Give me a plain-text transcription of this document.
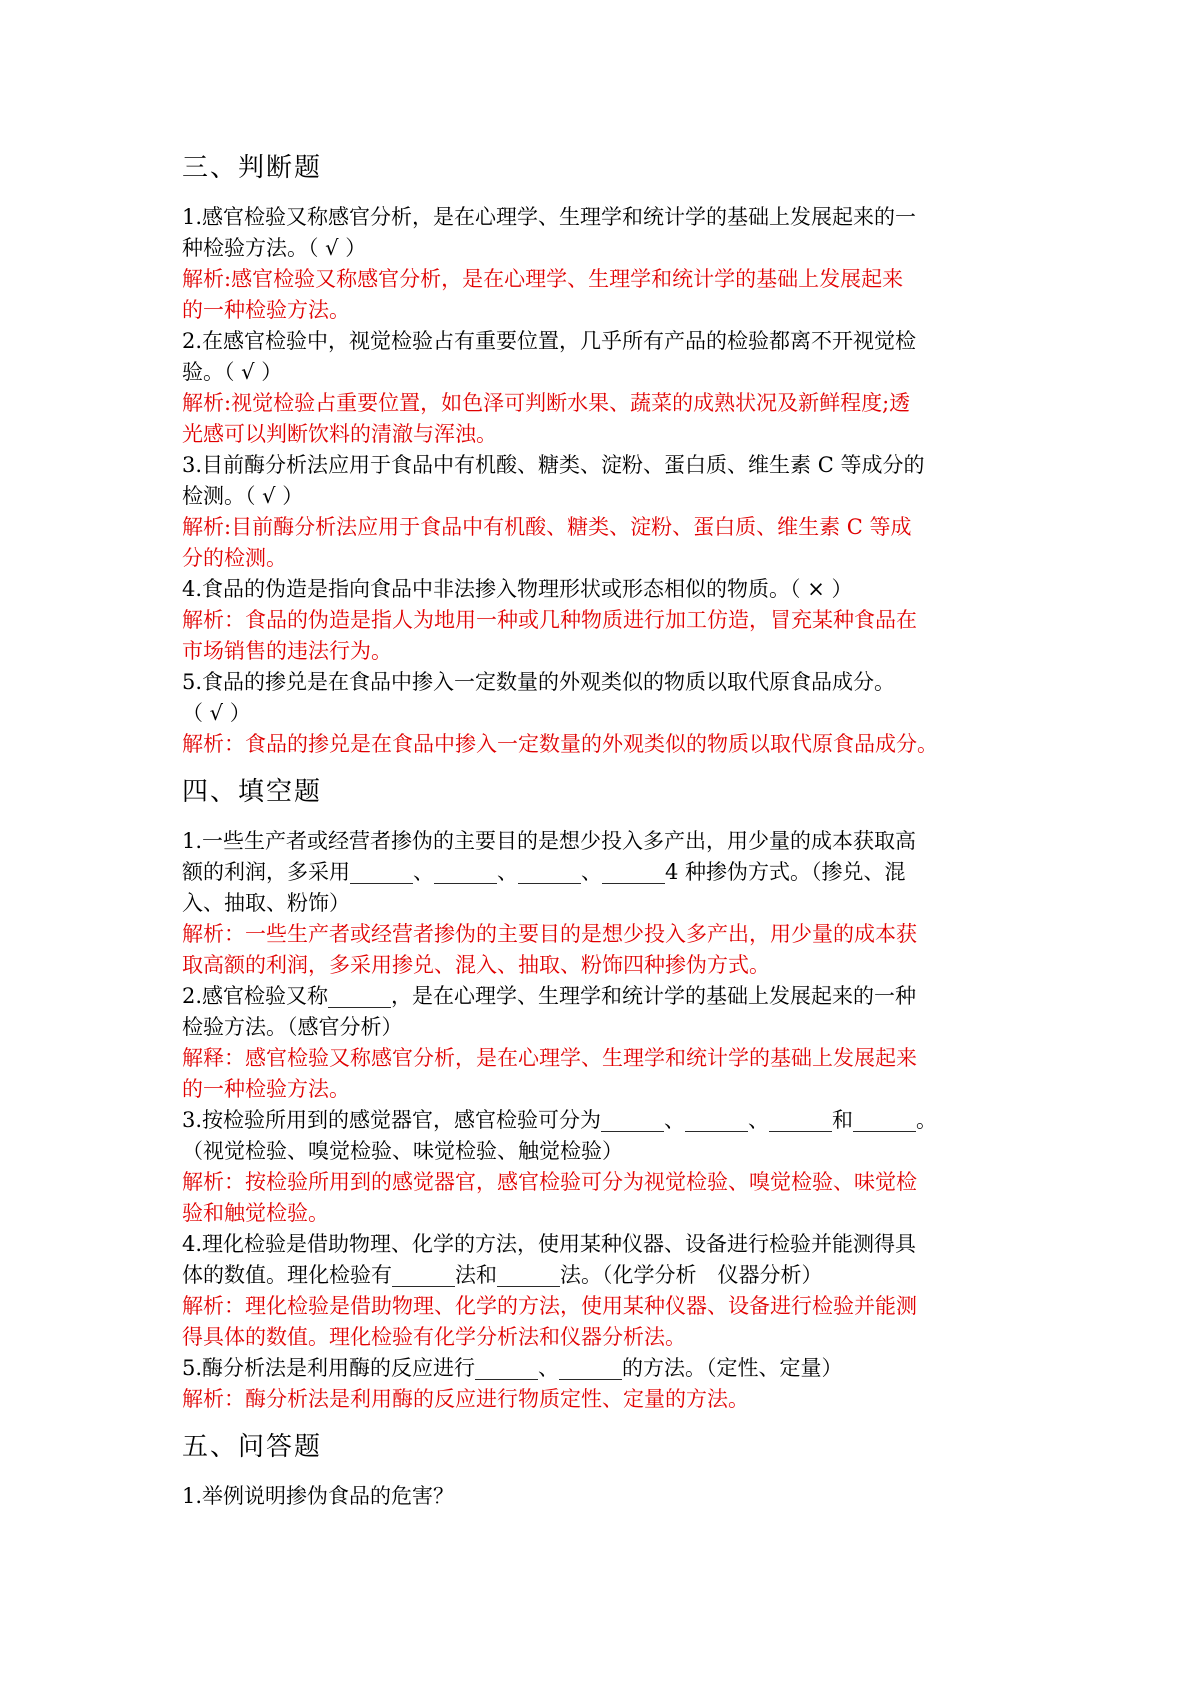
三、判断题
1.感官检验又称感官分析，是在心理学、生理学和统计学的基础上发展起来的一
种检验方法。（ √ ）
解析:感官检验又称感官分析，是在心理学、生理学和统计学的基础上发展起来
的一种检验方法。
2.在感官检验中，视觉检验占有重要位置，几乎所有产品的检验都离不开视觉检
验。（ √ ）
解析:视觉检验占重要位置，如色泽可判断水果、蔬菜的成熟状况及新鲜程度;透
光感可以判断饮料的清澈与浑浊。
3.目前酶分析法应用于食品中有机酸、糖类、淀粉、蛋白质、维生素 C 等成分的
检测。（ √ ）
解析:目前酶分析法应用于食品中有机酸、糖类、淀粉、蛋白质、维生素 C 等成
分的检测。
4.食品的伪造是指向食品中非法掺入物理形状或形态相似的物质。（ × ）
解析：食品的伪造是指人为地用一种或几种物质进行加工仿造，冒充某种食品在
市场销售的违法行为。
5.食品的掺兑是在食品中掺入一定数量的外观类似的物质以取代原食品成分。
（ √ ）
解析：食品的掺兑是在食品中掺入一定数量的外观类似的物质以取代原食品成分。
四、填空题
1.一些生产者或经营者掺伪的主要目的是想少投入多产出，用少量的成本获取高
额的利润，多采用______、______、______、______4 种掺伪方式。（掺兑、混
入、抽取、粉饰）
解析：一些生产者或经营者掺伪的主要目的是想少投入多产出，用少量的成本获
取高额的利润，多采用掺兑、混入、抽取、粉饰四种掺伪方式。
2.感官检验又称______，是在心理学、生理学和统计学的基础上发展起来的一种
检验方法。（感官分析）
解释：感官检验又称感官分析，是在心理学、生理学和统计学的基础上发展起来
的一种检验方法。
3.按检验所用到的感觉器官，感官检验可分为______、______、______和______。
（视觉检验、嗅觉检验、味觉检验、触觉检验）
解析：按检验所用到的感觉器官，感官检验可分为视觉检验、嗅觉检验、味觉检
验和触觉检验。
4.理化检验是借助物理、化学的方法，使用某种仪器、设备进行检验并能测得具
体的数值。理化检验有______法和______法。（化学分析　仪器分析）
解析：理化检验是借助物理、化学的方法，使用某种仪器、设备进行检验并能测
得具体的数值。理化检验有化学分析法和仪器分析法。
5.酶分析法是利用酶的反应进行______、______的方法。（定性、定量）
解析：酶分析法是利用酶的反应进行物质定性、定量的方法。
五、问答题
1.举例说明掺伪食品的危害？
